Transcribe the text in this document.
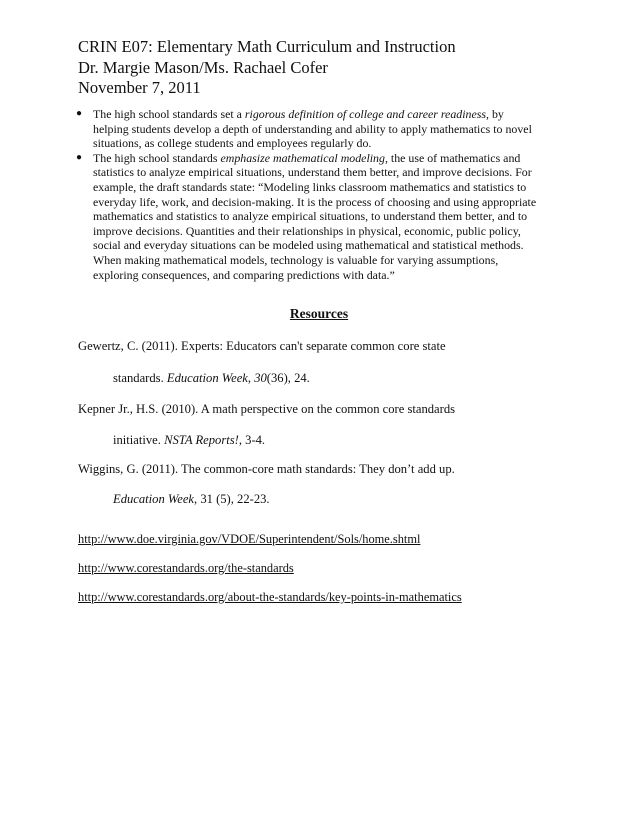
CRIN E07: Elementary Math Curriculum and Instruction
Dr. Margie Mason/Ms. Rachael Cofer
November 7, 2011
● The high school standards set a rigorous definition of college and career readiness, by
helping students develop a depth of understanding and ability to apply mathematics to novel
situations, as college students and employees regularly do.
● The high school standards emphasize mathematical modeling, the use of mathematics and
statistics to analyze empirical situations, understand them better, and improve decisions. For
example, the draft standards state: “Modeling links classroom mathematics and statistics to
everyday life, work, and decision-making. It is the process of choosing and using appropriate
mathematics and statistics to analyze empirical situations, to understand them better, and to
improve decisions. Quantities and their relationships in physical, economic, public policy,
social and everyday situations can be modeled using mathematical and statistical methods.
When making mathematical models, technology is valuable for varying assumptions,
exploring consequences, and comparing predictions with data.”
Resources
Gewertz, C. (2011). Experts: Educators can't separate common core state
standards. Education Week, 30(36), 24.
Kepner Jr., H.S. (2010). A math perspective on the common core standards
initiative. NSTA Reports!, 3-4.
Wiggins, G. (2011). The common-core math standards: They don’t add up.
Education Week, 31 (5), 22-23.
http://www.doe.virginia.gov/VDOE/Superintendent/Sols/home.shtml
http://www.corestandards.org/the-standards
http://www.corestandards.org/about-the-standards/key-points-in-mathematics
